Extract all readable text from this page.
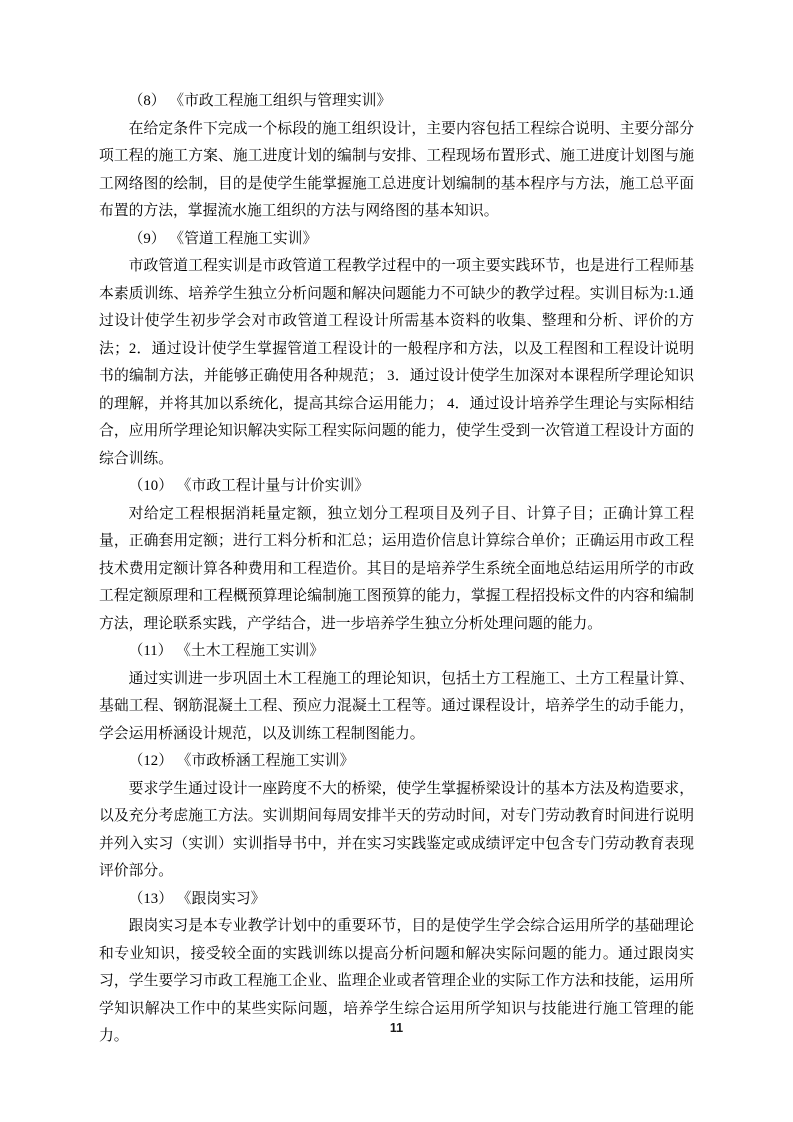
（8） 《市政工程施工组织与管理实训》

在给定条件下完成一个标段的施工组织设计，主要内容包括工程综合说明、主要分部分项工程的施工方案、施工进度计划的编制与安排、工程现场布置形式、施工进度计划图与施工网络图的绘制，目的是使学生能掌握施工总进度计划编制的基本程序与方法，施工总平面布置的方法，掌握流水施工组织的方法与网络图的基本知识。

（9） 《管道工程施工实训》

市政管道工程实训是市政管道工程教学过程中的一项主要实践环节，也是进行工程师基本素质训练、培养学生独立分析问题和解决问题能力不可缺少的教学过程。实训目标为:1.通过设计使学生初步学会对市政管道工程设计所需基本资料的收集、整理和分析、评价的方法；2．通过设计使学生掌握管道工程设计的一般程序和方法，以及工程图和工程设计说明书的编制方法，并能够正确使用各种规范； 3．通过设计使学生加深对本课程所学理论知识的理解，并将其加以系统化，提高其综合运用能力； 4．通过设计培养学生理论与实际相结合，应用所学理论知识解决实际工程实际问题的能力，使学生受到一次管道工程设计方面的综合训练。

（10） 《市政工程计量与计价实训》

对给定工程根据消耗量定额，独立划分工程项目及列子目、计算子目；正确计算工程量，正确套用定额；进行工料分析和汇总；运用造价信息计算综合单价；正确运用市政工程技术费用定额计算各种费用和工程造价。其目的是培养学生系统全面地总结运用所学的市政工程定额原理和工程概预算理论编制施工图预算的能力，掌握工程招投标文件的内容和编制方法，理论联系实践，产学结合，进一步培养学生独立分析处理问题的能力。

（11） 《土木工程施工实训》

通过实训进一步巩固土木工程施工的理论知识，包括土方工程施工、土方工程量计算、基础工程、钢筋混凝土工程、预应力混凝土工程等。通过课程设计，培养学生的动手能力，学会运用桥涵设计规范，以及训练工程制图能力。

（12） 《市政桥涵工程施工实训》

要求学生通过设计一座跨度不大的桥梁，使学生掌握桥梁设计的基本方法及构造要求，以及充分考虑施工方法。实训期间每周安排半天的劳动时间，对专门劳动教育时间进行说明并列入实习（实训）实训指导书中，并在实习实践鉴定或成绩评定中包含专门劳动教育表现评价部分。

（13） 《跟岗实习》

跟岗实习是本专业教学计划中的重要环节，目的是使学生学会综合运用所学的基础理论和专业知识，接受较全面的实践训练以提高分析问题和解决实际问题的能力。通过跟岗实习，学生要学习市政工程施工企业、监理企业或者管理企业的实际工作方法和技能，运用所学知识解决工作中的某些实际问题，培养学生综合运用所学知识与技能进行施工管理的能力。	11
